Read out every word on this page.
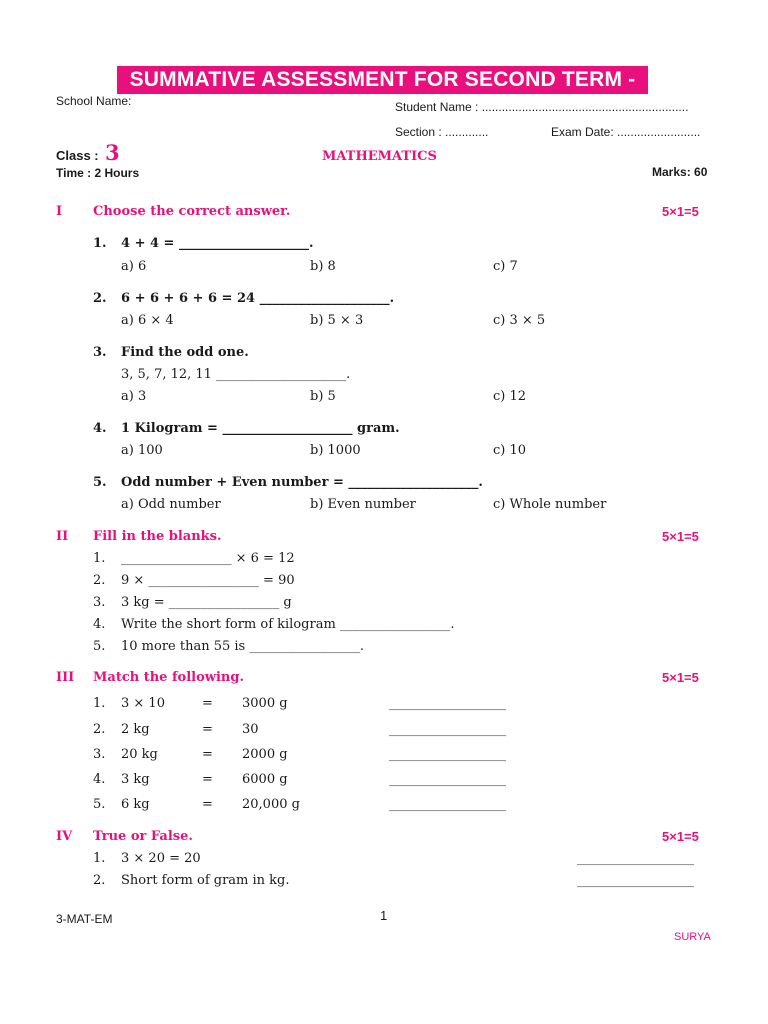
SUMMATIVE ASSESSMENT FOR SECOND TERM - 2019-20
School Name:	Student Name : ..............................................................
Section : .............	Exam Date: .........................
Class : 3	MATHEMATICS
Time : 2 Hours	Marks: 60
I Choose the correct answer.	5×1=5
1. 4 + 4 = ____________________.
a) 6	b) 8	c) 7
2. 6 + 6 + 6 + 6 = 24 ____________________.
a) 6 × 4	b) 5 × 3	c) 3 × 5
3. Find the odd one.
3, 5, 7, 12, 11 ____________________.
a) 3	b) 5	c) 12
4. 1 Kilogram = ____________________ gram.
a) 100	b) 1000	c) 10
5. Odd number + Even number = ____________________.
a) Odd number	b) Even number	c) Whole number
II Fill in the blanks.	5×1=5
1. _________________ × 6 = 12
2. 9 × _________________ = 90
3. 3 kg = _________________ g
4. Write the short form of kilogram _________________.
5. 10 more than 55 is _________________.
III Match the following.	5×1=5
1. 3 × 10	= 3000 g	__________________
2. 2 kg	= 30	__________________
3. 20 kg	= 2000 g	__________________
4. 3 kg	= 6000 g	__________________
5. 6 kg	= 20,000 g	__________________
IV True or False.	5×1=5
1. 3 × 20 = 20	__________________
2. Short form of gram in kg.	__________________
3-MAT-EM	1
SURYA
